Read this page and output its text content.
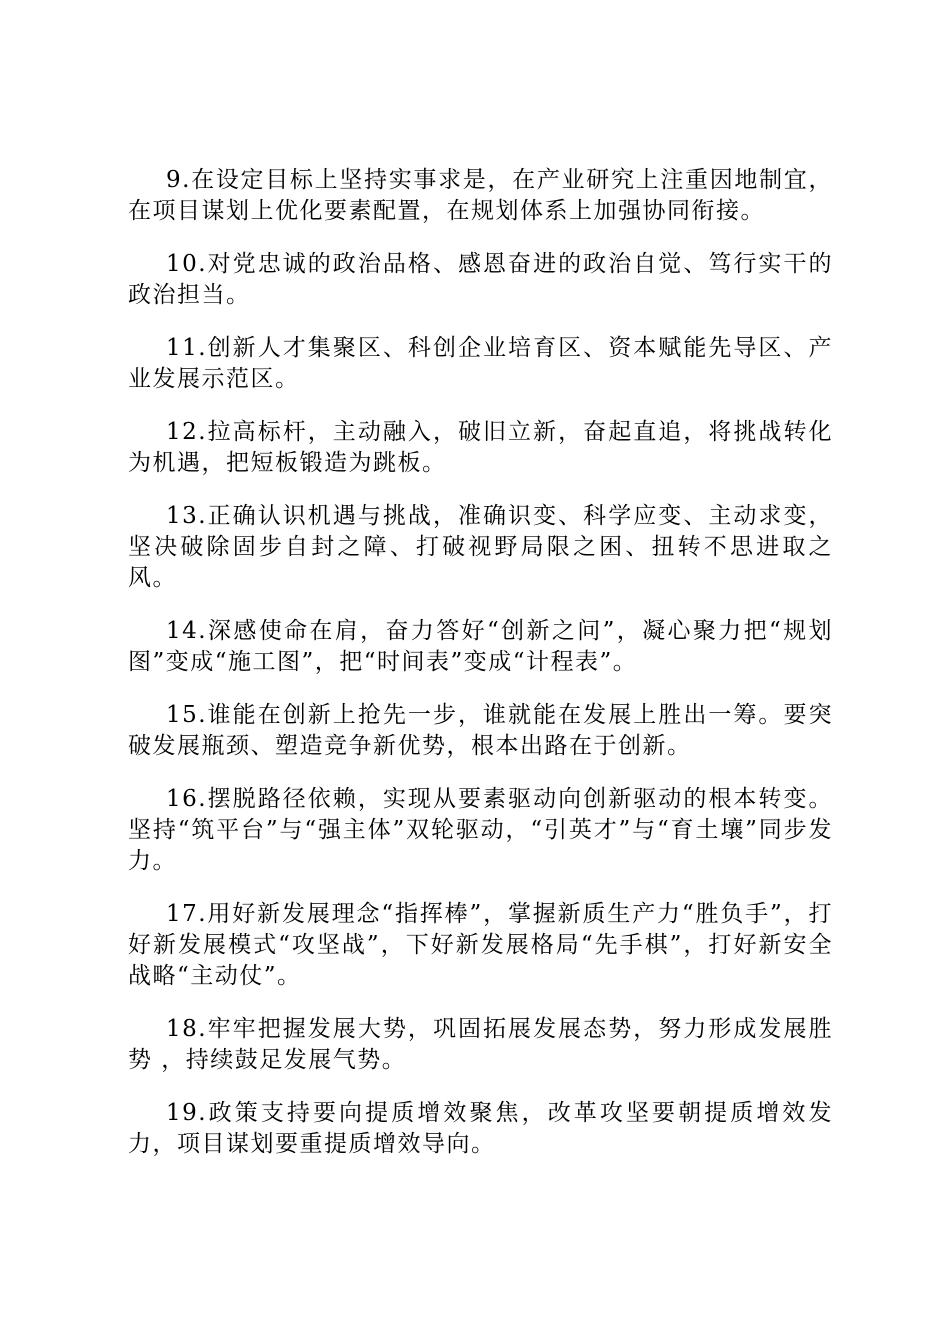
9.在设定目标上坚持实事求是，在产业研究上注重因地制宜，在项目谋划上优化要素配置，在规划体系上加强协同衔接。

10.对党忠诚的政治品格、感恩奋进的政治自觉、笃行实干的政治担当。

11.创新人才集聚区、科创企业培育区、资本赋能先导区、产业发展示范区。

12.拉高标杆，主动融入，破旧立新，奋起直追，将挑战转化为机遇，把短板锻造为跳板。

13.正确认识机遇与挑战，准确识变、科学应变、主动求变，坚决破除固步自封之障、打破视野局限之困、扭转不思进取之风。

14.深感使命在肩，奋力答好“创新之问”，凝心聚力把“规划图”变成“施工图”，把“时间表”变成“计程表”。

15.谁能在创新上抢先一步，谁就能在发展上胜出一筹。要突破发展瓶颈、塑造竞争新优势，根本出路在于创新。

16.摆脱路径依赖，实现从要素驱动向创新驱动的根本转变。坚持“筑平台”与“强主体”双轮驱动，“引英才”与“育土壤”同步发力。

17.用好新发展理念“指挥棒”，掌握新质生产力“胜负手”，打好新发展模式“攻坚战”，下好新发展格局“先手棋”，打好新安全战略“主动仗”。

18.牢牢把握发展大势，巩固拓展发展态势，努力形成发展胜势 ，持续鼓足发展气势。

19.政策支持要向提质增效聚焦，改革攻坚要朝提质增效发力，项目谋划要重提质增效导向。
